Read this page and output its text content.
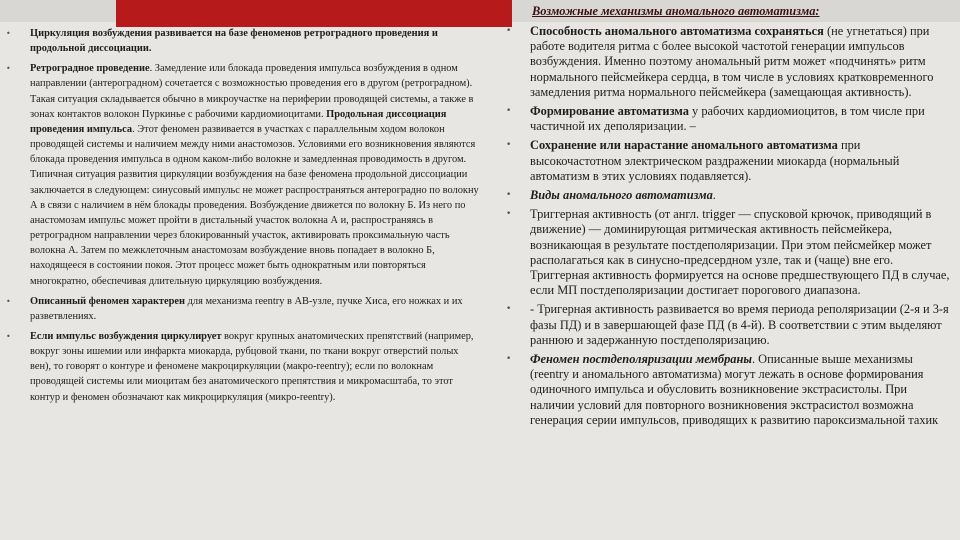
Возможные механизмы аномального автоматизма:
• Циркуляция возбуждения развивается на базе феноменов ретроградного проведения и продольной диссоциации.
• Ретроградное проведение. Замедление или блокада проведения импульса возбуждения в одном направлении (антероградном) сочетается с возможностью проведения его в другом (ретроградном). Такая ситуация складывается обычно в микроучастке на периферии проводящей системы, а также в зонах контактов волокон Пуркинье с рабочими кардиомиоцитами. Продольная диссоциация проведения импульса. Этот феномен развивается в участках с параллельным ходом волокон проводящей системы и наличием между ними анастомозов. Условиями его возникновения являются блокада проведения импульса в одном каком-либо волокне и замедленная проводимость в другом. Типичная ситуация развития циркуляции возбуждения на базе феномена продольной диссоциации заключается в следующем: синусовый импульс не может распространяться антероградно по волокну А в связи с наличием в нём блокады проведения. Возбуждение движется по волокну Б. Из него по анастомозам импульс может пройти в дистальный участок волокна А и, распространяясь в ретроградном направлении через блокированный участок, активировать проксимальную часть волокна А. Затем по межклеточным анастомозам возбуждение вновь попадает в волокно Б, находящееся в состоянии покоя. Этот процесс может быть однократным или повторяться многократно, обеспечивая длительную циркуляцию возбуждения.
• Описанный феномен характерен для механизма reentry в АВ-узле, пучке Хиса, его ножках и их разветвлениях.
• Если импульс возбуждения циркулирует вокруг крупных анатомических препятствий (например, вокруг зоны ишемии или инфаркта миокарда, рубцовой ткани, по ткани вокруг отверстий полых вен), то говорят о контуре и феномене макроциркуляции (макро-reentry); если по волокнам проводящей системы или миоцитам без анатомического препятствия и микромасштаба, то этот контур и феномен обозначают как микроциркуляция (микро-reentry).
• Способность аномального автоматизма сохраняться (не угнетаться) при работе водителя ритма с более высокой частотой генерации импульсов возбуждения. Именно поэтому аномальный ритм может «подчинять» ритм нормального пейсмейкера сердца, в том числе в условиях кратковременного замедления ритма нормального пейсмейкера (замещающая активность).
• Формирование автоматизма у рабочих кардиомиоцитов, в том числе при частичной их деполяризации. –
• Сохранение или нарастание аномального автоматизма при высокочастотном электрическом раздражении миокарда (нормальный автоматизм в этих условиях подавляется).
• Виды аномального автоматизма.
• Триггерная активность (от англ. trigger — спусковой крючок, приводящий в движение) — доминирующая ритмическая активность пейсмейкера, возникающая в результате постдеполяризации. При этом пейсмейкер может располагаться как в синусно-предсердном узле, так и (чаще) вне его. Триггерная активность формируется на основе предшествующего ПД в случае, если МП постдеполяризации достигает порогового диапазона.
• - Тригерная активность развивается во время периода реполяризации (2-я и 3-я фазы ПД) и в завершающей фазе ПД (в 4-й). В соответствии с этим выделяют раннюю и задержанную постдеполяризацию.
• Феномен постдеполяризации мембраны. Описанные выше механизмы (reentry и аномального автоматизма) могут лежать в основе формирования одиночного импульса и обусловить возникновение экстрасистолы. При наличии условий для повторного возникновения экстрасистол возможна генерация серии импульсов, приводящих к развитию пароксизмальной тахик
